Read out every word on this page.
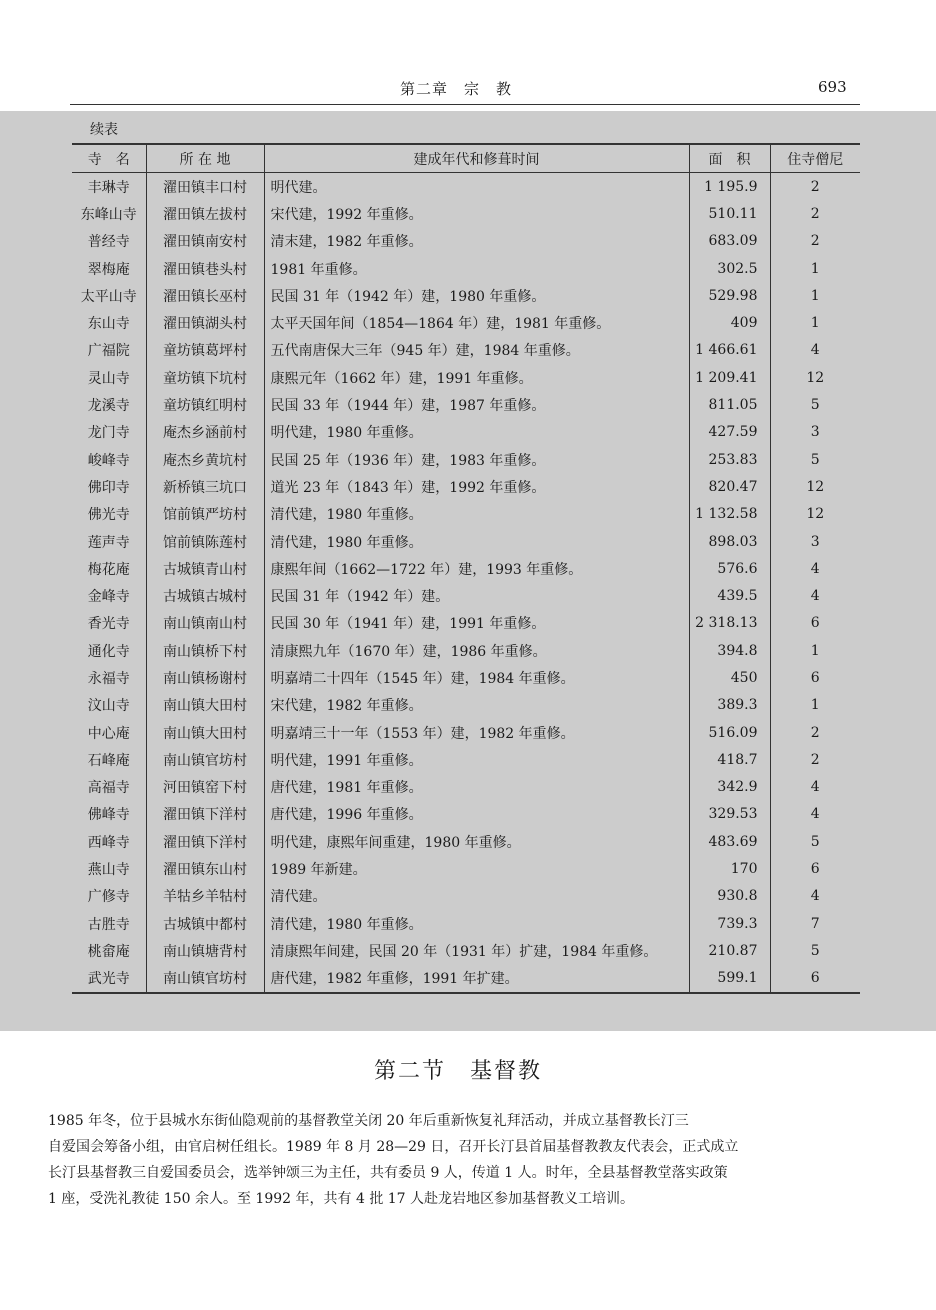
第二章　宗　教	693
续表
寺　名	所 在 地	建成年代和修葺时间	面　积	住寺僧尼
丰琳寺	濯田镇丰口村	明代建。	1 195.9	2
东峰山寺	濯田镇左拔村	宋代建，1992 年重修。	510.11	2
普经寺	濯田镇南安村	清末建，1982 年重修。	683.09	2
翠梅庵	濯田镇巷头村	1981 年重修。	302.5	1
太平山寺	濯田镇长巫村	民国 31 年（1942 年）建，1980 年重修。	529.98	1
东山寺	濯田镇湖头村	太平天国年间（1854—1864 年）建，1981 年重修。	409	1
广福院	童坊镇葛坪村	五代南唐保大三年（945 年）建，1984 年重修。	1 466.61	4
灵山寺	童坊镇下坑村	康熙元年（1662 年）建，1991 年重修。	1 209.41	12
龙溪寺	童坊镇红明村	民国 33 年（1944 年）建，1987 年重修。	811.05	5
龙门寺	庵杰乡涵前村	明代建，1980 年重修。	427.59	3
峻峰寺	庵杰乡黄坑村	民国 25 年（1936 年）建，1983 年重修。	253.83	5
佛印寺	新桥镇三坑口	道光 23 年（1843 年）建，1992 年重修。	820.47	12
佛光寺	馆前镇严坊村	清代建，1980 年重修。	1 132.58	12
莲声寺	馆前镇陈莲村	清代建，1980 年重修。	898.03	3
梅花庵	古城镇青山村	康熙年间（1662—1722 年）建，1993 年重修。	576.6	4
金峰寺	古城镇古城村	民国 31 年（1942 年）建。	439.5	4
香光寺	南山镇南山村	民国 30 年（1941 年）建，1991 年重修。	2 318.13	6
通化寺	南山镇桥下村	清康熙九年（1670 年）建，1986 年重修。	394.8	1
永福寺	南山镇杨谢村	明嘉靖二十四年（1545 年）建，1984 年重修。	450	6
汶山寺	南山镇大田村	宋代建，1982 年重修。	389.3	1
中心庵	南山镇大田村	明嘉靖三十一年（1553 年）建，1982 年重修。	516.09	2
石峰庵	南山镇官坊村	明代建，1991 年重修。	418.7	2
高福寺	河田镇窑下村	唐代建，1981 年重修。	342.9	4
佛峰寺	濯田镇下洋村	唐代建，1996 年重修。	329.53	4
西峰寺	濯田镇下洋村	明代建，康熙年间重建，1980 年重修。	483.69	5
燕山寺	濯田镇东山村	1989 年新建。	170	6
广修寺	羊牯乡羊牯村	清代建。	930.8	4
古胜寺	古城镇中都村	清代建，1980 年重修。	739.3	7
桃畲庵	南山镇塘背村	清康熙年间建，民国 20 年（1931 年）扩建，1984 年重修。	210.87	5
武光寺	南山镇官坊村	唐代建，1982 年重修，1991 年扩建。	599.1	6
第二节　基督教
1985 年冬，位于县城水东街仙隐观前的基督教堂关闭 20 年后重新恢复礼拜活动，并成立基督教长汀三
自爱国会筹备小组，由官启树任组长。1989 年 8 月 28—29 日，召开长汀县首届基督教教友代表会，正式成立
长汀县基督教三自爱国委员会，选举钟颂三为主任，共有委员 9 人，传道 1 人。时年，全县基督教堂落实政策
1 座，受洗礼教徒 150 余人。至 1992 年，共有 4 批 17 人赴龙岩地区参加基督教义工培训。
